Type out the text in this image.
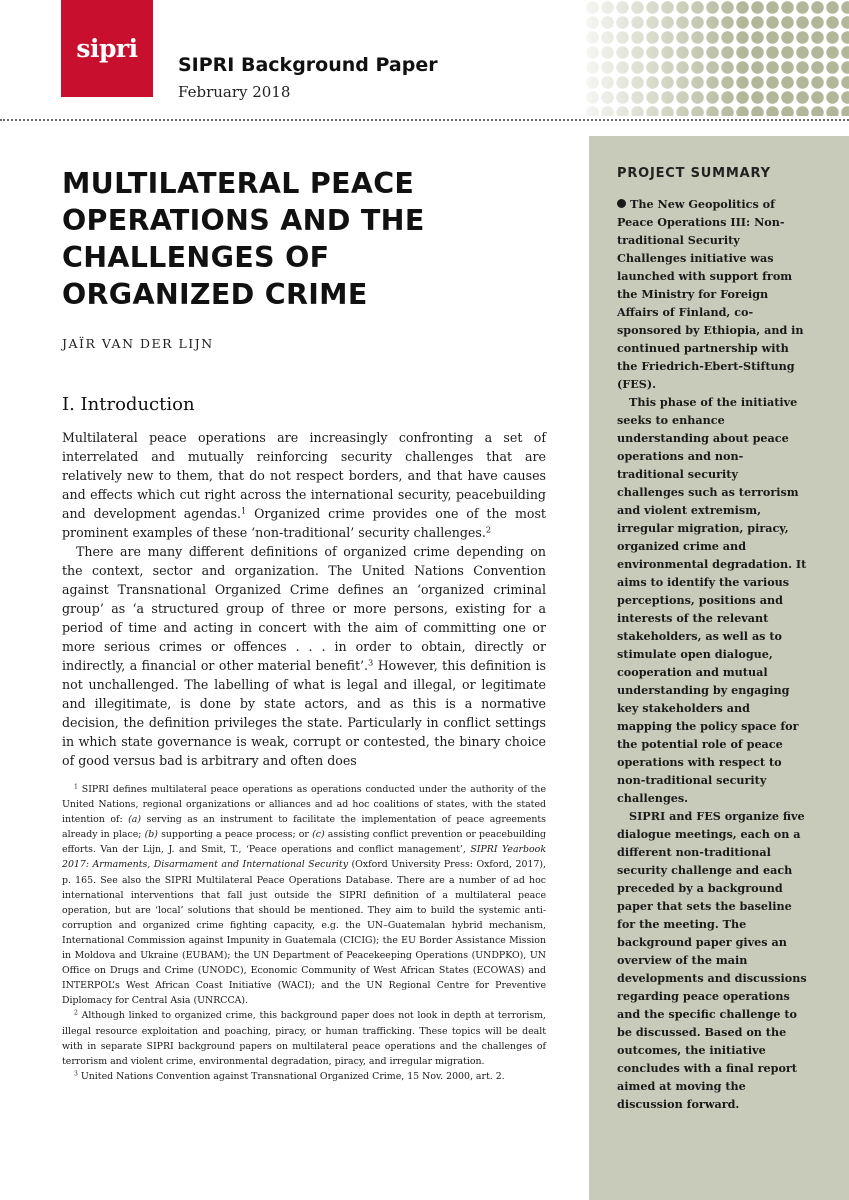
sipri
SIPRI Background Paper
February 2018
MULTILATERAL PEACE OPERATIONS AND THE CHALLENGES OF ORGANIZED CRIME
JAÏR VAN DER LIJN
I. Introduction

Multilateral peace operations are increasingly confronting a set of interrelated and mutually reinforcing security challenges that are relatively new to them, that do not respect borders, and that have causes and effects which cut right across the international security, peacebuilding and development agendas.$^1$ Organized crime provides one of the most prominent examples of these ‘non-traditional’ security challenges.$^2$

There are many different definitions of organized crime depending on the context, sector and organization. The United Nations Convention against Transnational Organized Crime defines an ‘organized criminal group’ as ‘a structured group of three or more persons, existing for a period of time and acting in concert with the aim of committing one or more serious crimes or offences . . . in order to obtain, directly or indirectly, a financial or other material benefit’.$^3$ However, this definition is not unchallenged. The labelling of what is legal and illegal, or legitimate and illegitimate, is done by state actors, and as this is a normative decision, the definition privileges the state. Particularly in conflict settings in which state governance is weak, corrupt or contested, the binary choice of good versus bad is arbitrary and often does

$^1$ SIPRI defines multilateral peace operations as operations conducted under the authority of the United Nations, regional organizations or alliances and ad hoc coalitions of states, with the stated intention of: (a) serving as an instrument to facilitate the implementation of peace agreements already in place; (b) supporting a peace process; or (c) assisting conflict prevention or peacebuilding efforts. Van der Lijn, J. and Smit, T., ‘Peace operations and conflict management’, SIPRI Yearbook 2017: Armaments, Disarmament and International Security (Oxford University Press: Oxford, 2017), p. 165. See also the SIPRI Multilateral Peace Operations Database. There are a number of ad hoc international interventions that fall just outside the SIPRI definition of a multilateral peace operation, but are ‘local’ solutions that should be mentioned. They aim to build the systemic anti-corruption and organized crime fighting capacity, e.g. the UN–Guatemalan hybrid mechanism, International Commission against Impunity in Guatemala (CICIG); the EU Border Assistance Mission in Moldova and Ukraine (EUBAM); the UN Department of Peacekeeping Operations (UNDPKO), UN Office on Drugs and Crime (UNODC), Economic Community of West African States (ECOWAS) and INTERPOL’s West African Coast Initiative (WACI); and the UN Regional Centre for Preventive Diplomacy for Central Asia (UNRCCA).

$^2$ Although linked to organized crime, this background paper does not look in depth at terrorism, illegal resource exploitation and poaching, piracy, or human trafficking. These topics will be dealt with in separate SIPRI background papers on multilateral peace operations and the challenges of terrorism and violent crime, environmental degradation, piracy, and irregular migration.

$^3$ United Nations Convention against Transnational Organized Crime, 15 Nov. 2000, art. 2.

PROJECT SUMMARY

The New Geopolitics of Peace Operations III: Non-traditional Security Challenges initiative was launched with support from the Ministry for Foreign Affairs of Finland, co-sponsored by Ethiopia, and in continued partnership with the Friedrich-Ebert-Stiftung (FES).

This phase of the initiative seeks to enhance understanding about peace operations and non-traditional security challenges such as terrorism and violent extremism, irregular migration, piracy, organized crime and environmental degradation. It aims to identify the various perceptions, positions and interests of the relevant stakeholders, as well as to stimulate open dialogue, cooperation and mutual understanding by engaging key stakeholders and mapping the policy space for the potential role of peace operations with respect to non-traditional security challenges.

SIPRI and FES organize five dialogue meetings, each on a different non-traditional security challenge and each preceded by a background paper that sets the baseline for the meeting. The background paper gives an overview of the main developments and discussions regarding peace operations and the specific challenge to be discussed. Based on the outcomes, the initiative concludes with a final report aimed at moving the discussion forward.
